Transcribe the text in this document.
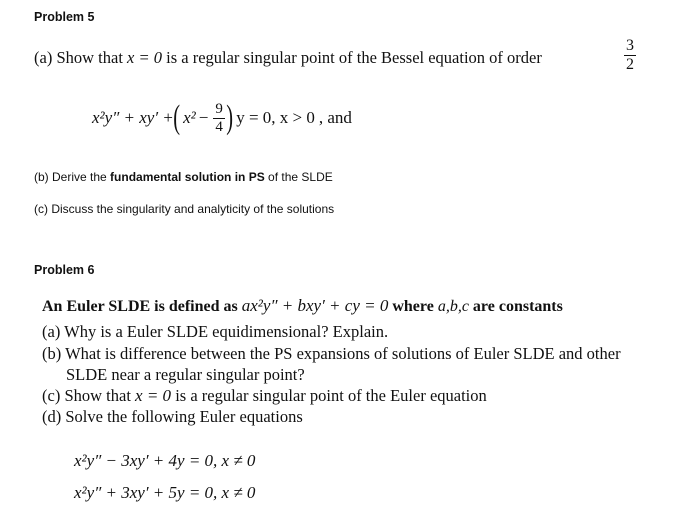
Problem 5
(a) Show that x = 0 is a regular singular point of the Bessel equation of order	$\frac{3}{2}$
x²y″ + xy′ + ( $x^2 - \frac{9}{4}$ ) y = 0, x > 0 , and
(b) Derive the fundamental solution in PS of the SLDE
(c) Discuss the singularity and analyticity of the solutions
Problem 6
An Euler SLDE is defined as ax²y″ + bxy′ + cy = 0 where a,b,c are constants
(a) Why is a Euler SLDE equidimensional? Explain.
(b) What is difference between the PS expansions of solutions of Euler SLDE and other
SLDE near a regular singular point?
(c) Show that x = 0 is a regular singular point of the Euler equation
(d) Solve the following Euler equations
x²y″ − 3xy′ + 4y = 0, x ≠ 0
x²y″ + 3xy′ + 5y = 0, x ≠ 0
